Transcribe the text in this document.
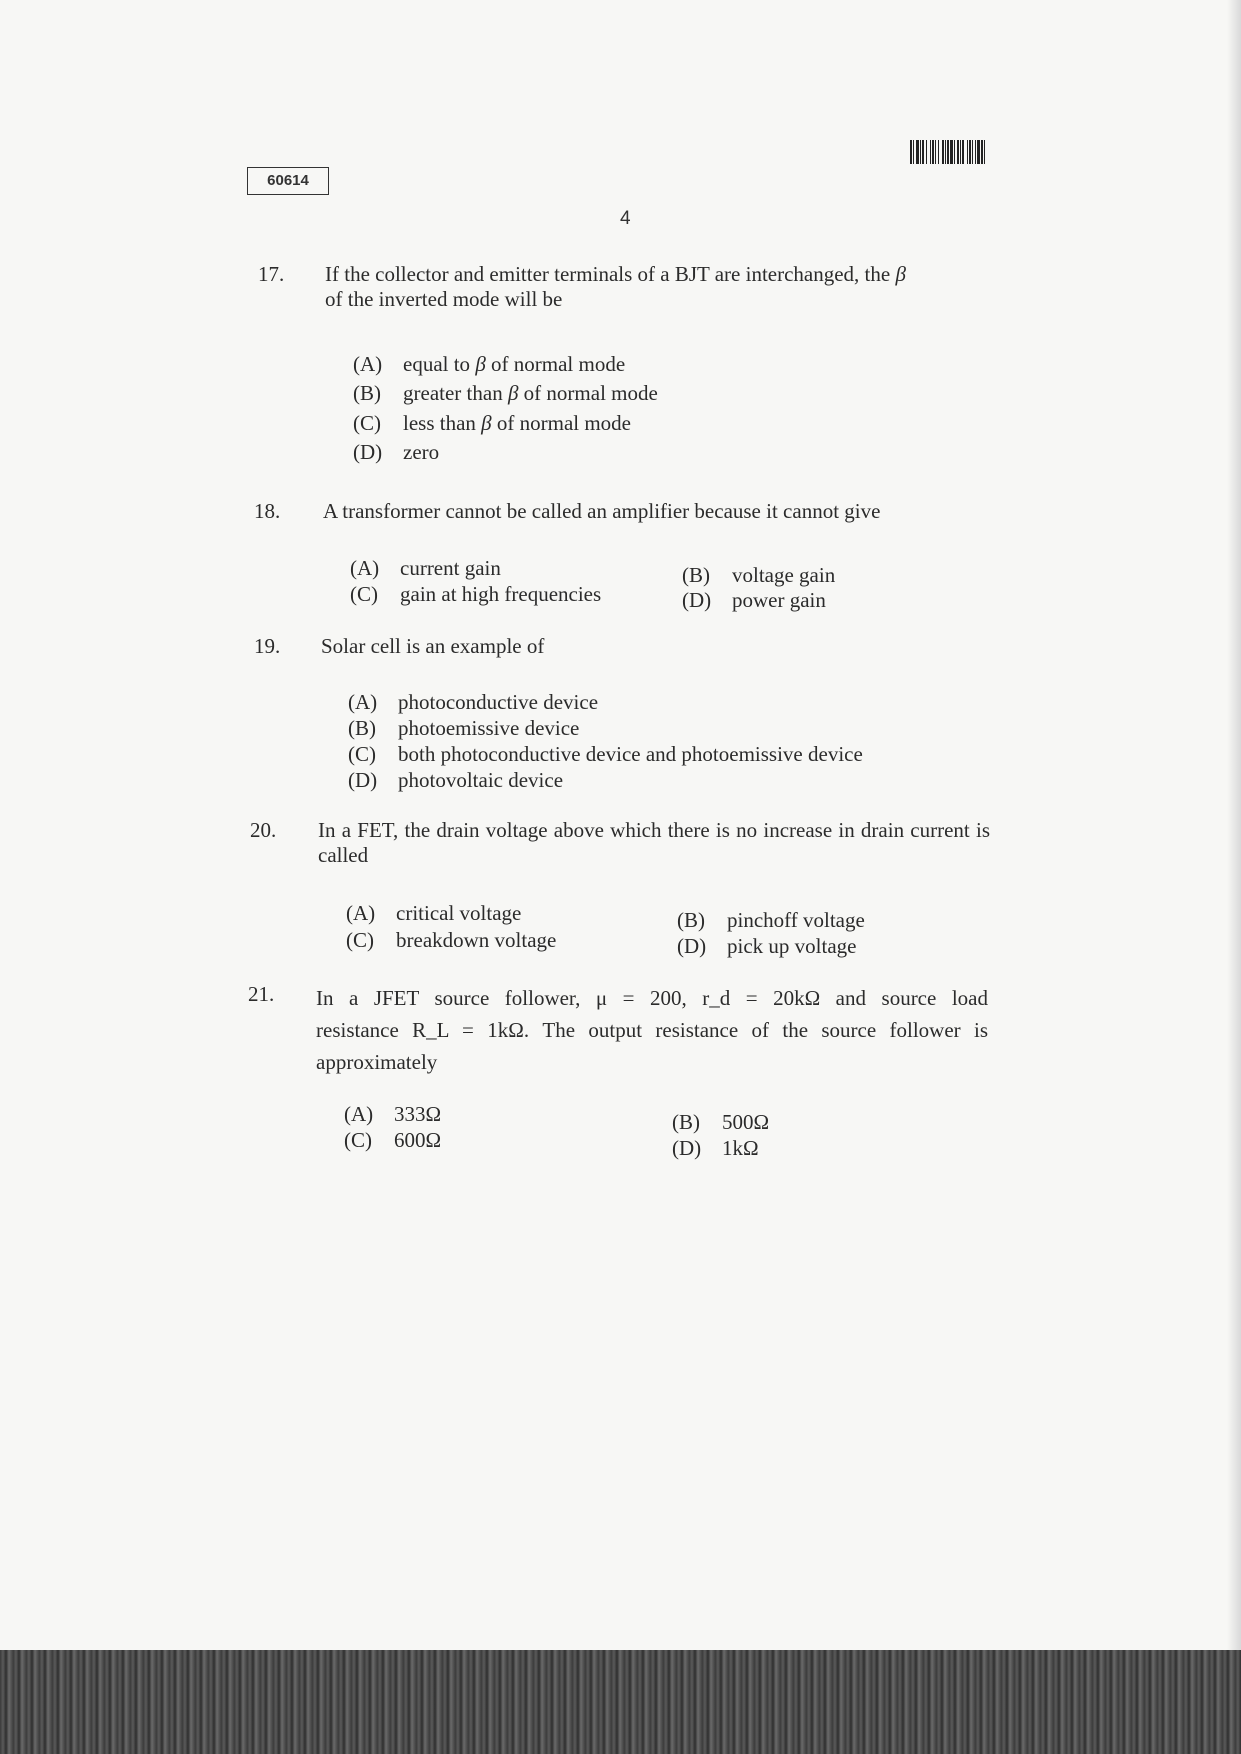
60614
4
17. If the collector and emitter terminals of a BJT are interchanged, the β
of the inverted mode will be
(A) equal to β of normal mode
(B) greater than β of normal mode
(C) less than β of normal mode
(D) zero
18. A transformer cannot be called an amplifier because it cannot give
(A) current gain	(B) voltage gain
(C) gain at high frequencies	(D) power gain
19. Solar cell is an example of
(A) photoconductive device
(B) photoemissive device
(C) both photoconductive device and photoemissive device
(D) photovoltaic device
20. In a FET, the drain voltage above which there is no increase in drain current is called
(A) critical voltage	(B) pinchoff voltage
(C) breakdown voltage	(D) pick up voltage
21. In a JFET source follower, μ = 200, r_d = 20kΩ and source load
resistance R_L = 1kΩ. The output resistance of the source follower is
approximately
(A) 333Ω	(B) 500Ω
(C) 600Ω	(D) 1kΩ
